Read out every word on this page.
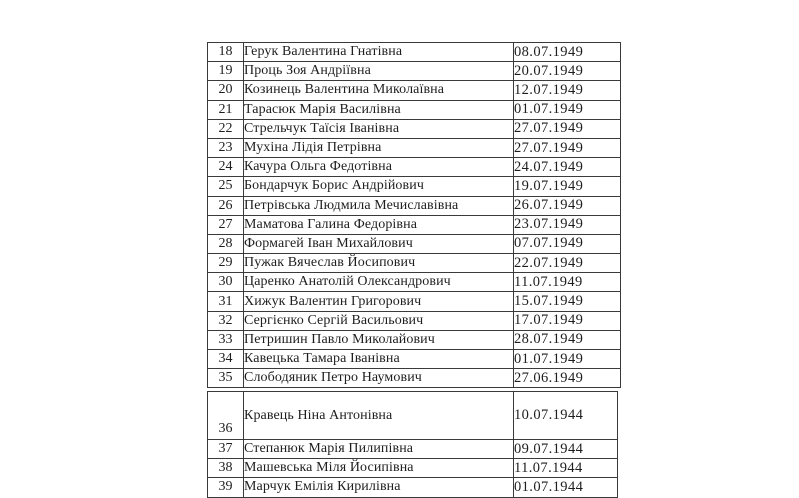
18	Герук Валентина Гнатівна	08.07.1949
19	Проць Зоя Андріївна	20.07.1949
20	Козинець Валентина Миколаївна	12.07.1949
21	Тарасюк Марія Василівна	01.07.1949
22	Стрельчук Таїсія Іванівна	27.07.1949
23	Мухіна Лідія Петрівна	27.07.1949
24	Качура Ольга Федотівна	24.07.1949
25	Бондарчук Борис Андрійович	19.07.1949
26	Петрівська Людмила Мечиславівна	26.07.1949
27	Маматова Галина Федорівна	23.07.1949
28	Формагей Іван Михайлович	07.07.1949
29	Пужак Вячеслав Йосипович	22.07.1949
30	Царенко Анатолій Олександрович	11.07.1949
31	Хижук Валентин Григорович	15.07.1949
32	Сергієнко Сергій Васильович	17.07.1949
33	Петришин Павло Миколайович	28.07.1949
34	Кавецька Тамара Іванівна	01.07.1949
35	Слободяник Петро Наумович	27.06.1949
36	Кравець Ніна Антонівна	10.07.1944
37	Степанюк Марія Пилипівна	09.07.1944
38	Машевська Міля Йосипівна	11.07.1944
39	Марчук Емілія Кирилівна	01.07.1944
